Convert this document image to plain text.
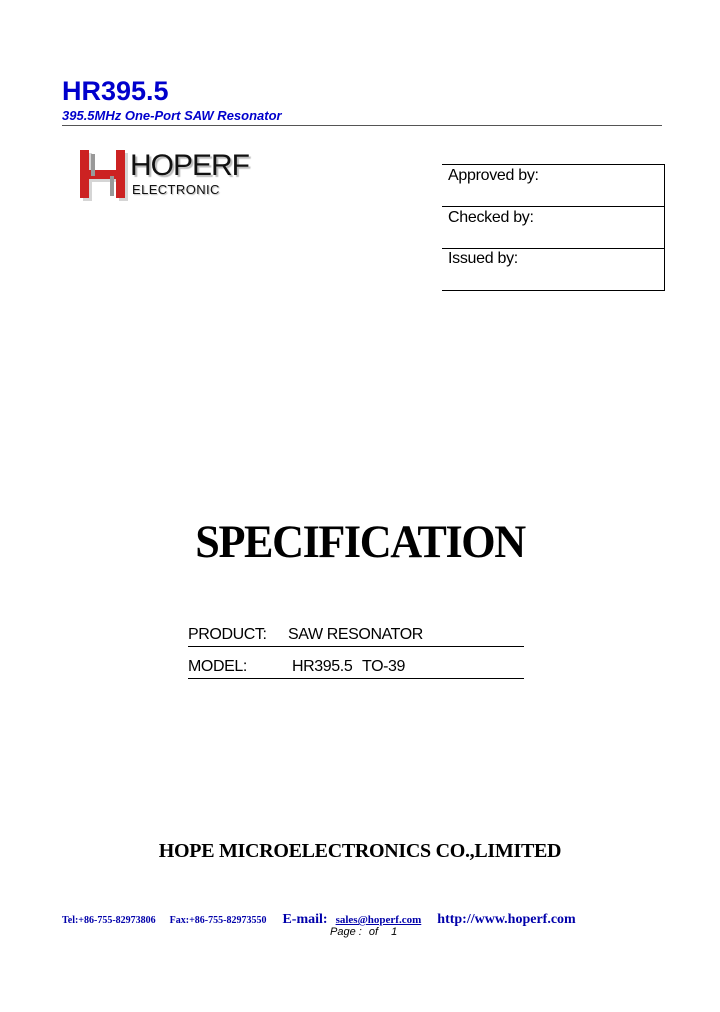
HR395.5
395.5MHz One-Port SAW Resonator
HOPERF
ELECTRONIC
Approved by:
Checked by:
Issued by:
SPECIFICATION
PRODUCT: SAW RESONATOR
MODEL:	HR395.5 TO-39
HOPE MICROELECTRONICS CO.,LIMITED
Tel:+86-755-82973806 Fax:+86-755-82973550 E-mail: sales@hoperf.com http://www.hoperf.com
Page : of 1
